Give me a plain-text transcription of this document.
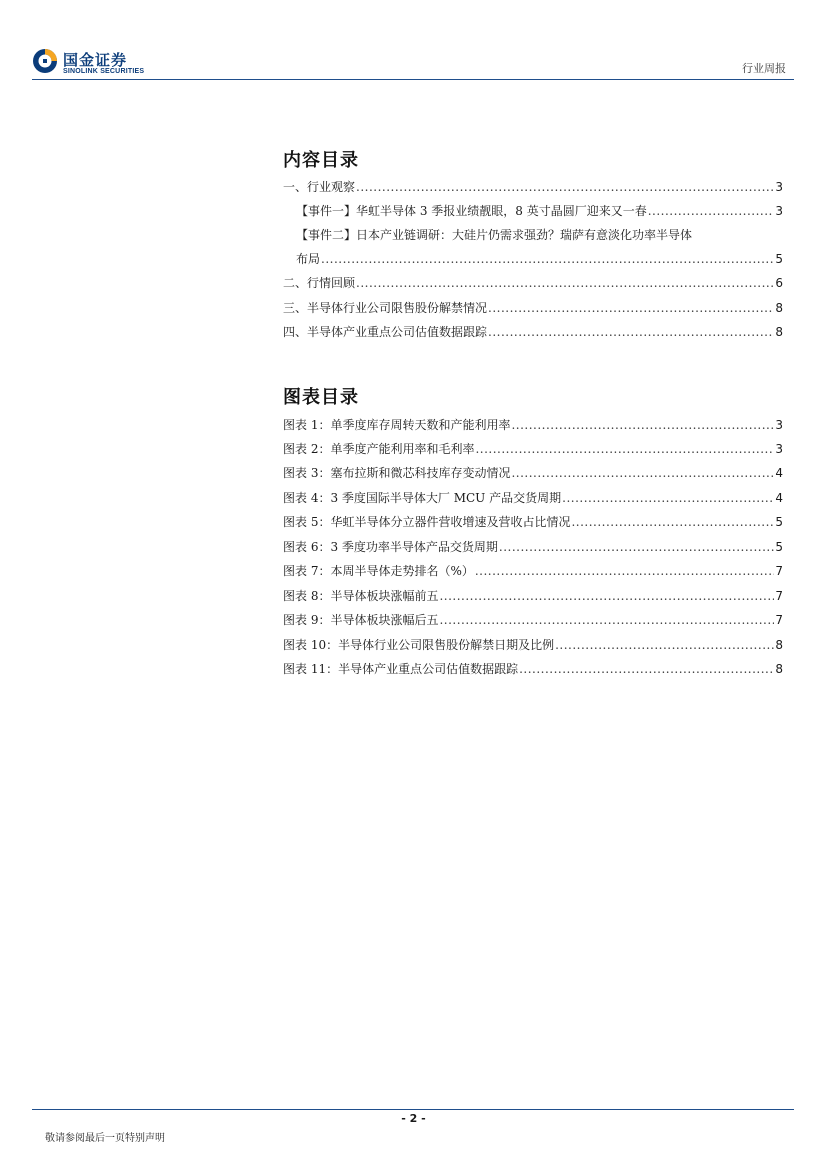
国金证券
SINOLINK SECURITIES	行业周报
内容目录
一、行业观察 .....	3
【事件一】华虹半导体 3 季报业绩靓眼，8 英寸晶圆厂迎来又一春 .....	3
【事件二】日本产业链调研：大硅片仍需求强劲？瑞萨有意淡化功率半导体
布局 .....	5
二、行情回顾 .....	6
三、半导体行业公司限售股份解禁情况 .....	8
四、半导体产业重点公司估值数据跟踪 .....	8
图表目录
图表 1：单季度库存周转天数和产能利用率 .....	3
图表 2：单季度产能利用率和毛利率 .....	3
图表 3：塞布拉斯和微芯科技库存变动情况 .....	4
图表 4：3 季度国际半导体大厂 MCU 产品交货周期 .....	4
图表 5：华虹半导体分立器件营收增速及营收占比情况 .....	5
图表 6：3 季度功率半导体产品交货周期 .....	5
图表 7：本周半导体走势排名（%） .....	7
图表 8：半导体板块涨幅前五 .....	7
图表 9：半导体板块涨幅后五 .....	7
图表 10：半导体行业公司限售股份解禁日期及比例 .....	8
图表 11：半导体产业重点公司估值数据跟踪 .....	8
- 2 -
敬请参阅最后一页特别声明
